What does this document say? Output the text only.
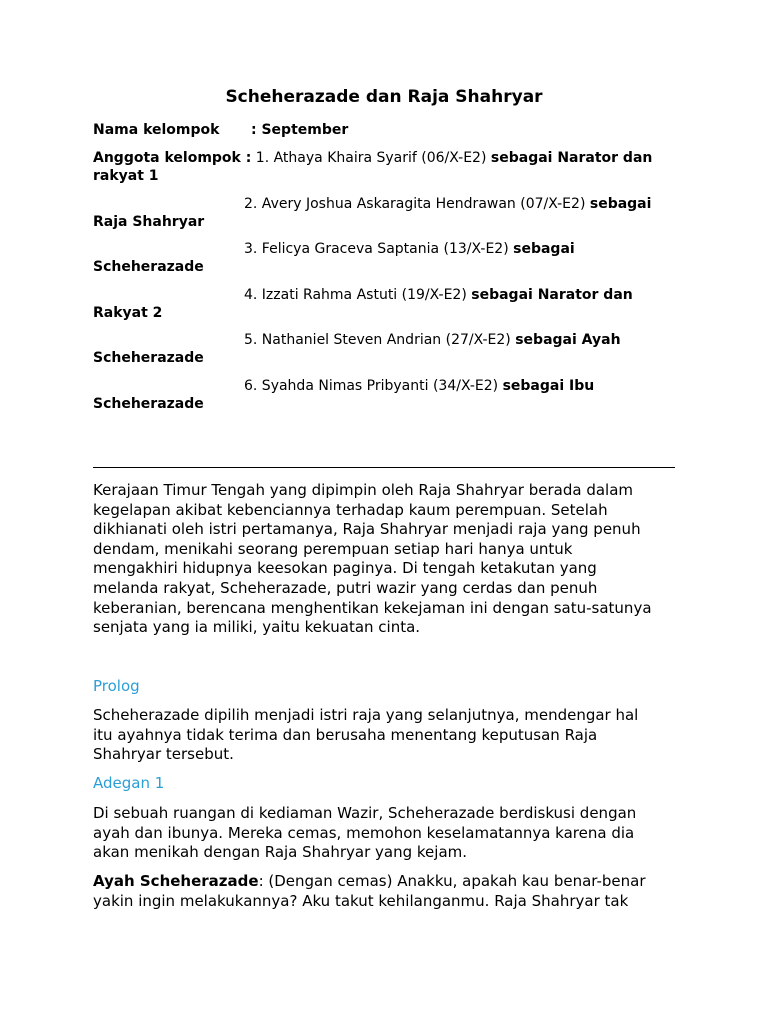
Scheherazade dan Raja Shahryar
Nama kelompok : September
Anggota kelompok : 1. Athaya Khaira Syarif (06/X-E2) sebagai Narator dan
rakyat 1
2. Avery Joshua Askaragita Hendrawan (07/X-E2) sebagai
Raja Shahryar
3. Felicya Graceva Saptania (13/X-E2) sebagai
Scheherazade
4. Izzati Rahma Astuti (19/X-E2) sebagai Narator dan
Rakyat 2
5. Nathaniel Steven Andrian (27/X-E2) sebagai Ayah
Scheherazade
6. Syahda Nimas Pribyanti (34/X-E2) sebagai Ibu
Scheherazade
Kerajaan Timur Tengah yang dipimpin oleh Raja Shahryar berada dalam
kegelapan akibat kebenciannya terhadap kaum perempuan. Setelah
dikhianati oleh istri pertamanya, Raja Shahryar menjadi raja yang penuh
dendam, menikahi seorang perempuan setiap hari hanya untuk
mengakhiri hidupnya keesokan paginya. Di tengah ketakutan yang
melanda rakyat, Scheherazade, putri wazir yang cerdas dan penuh
keberanian, berencana menghentikan kekejaman ini dengan satu-satunya
senjata yang ia miliki, yaitu kekuatan cinta.
Prolog
Scheherazade dipilih menjadi istri raja yang selanjutnya, mendengar hal
itu ayahnya tidak terima dan berusaha menentang keputusan Raja
Shahryar tersebut.
Adegan 1
Di sebuah ruangan di kediaman Wazir, Scheherazade berdiskusi dengan
ayah dan ibunya. Mereka cemas, memohon keselamatannya karena dia
akan menikah dengan Raja Shahryar yang kejam.
Ayah Scheherazade: (Dengan cemas) Anakku, apakah kau benar-benar
yakin ingin melakukannya? Aku takut kehilanganmu. Raja Shahryar tak
